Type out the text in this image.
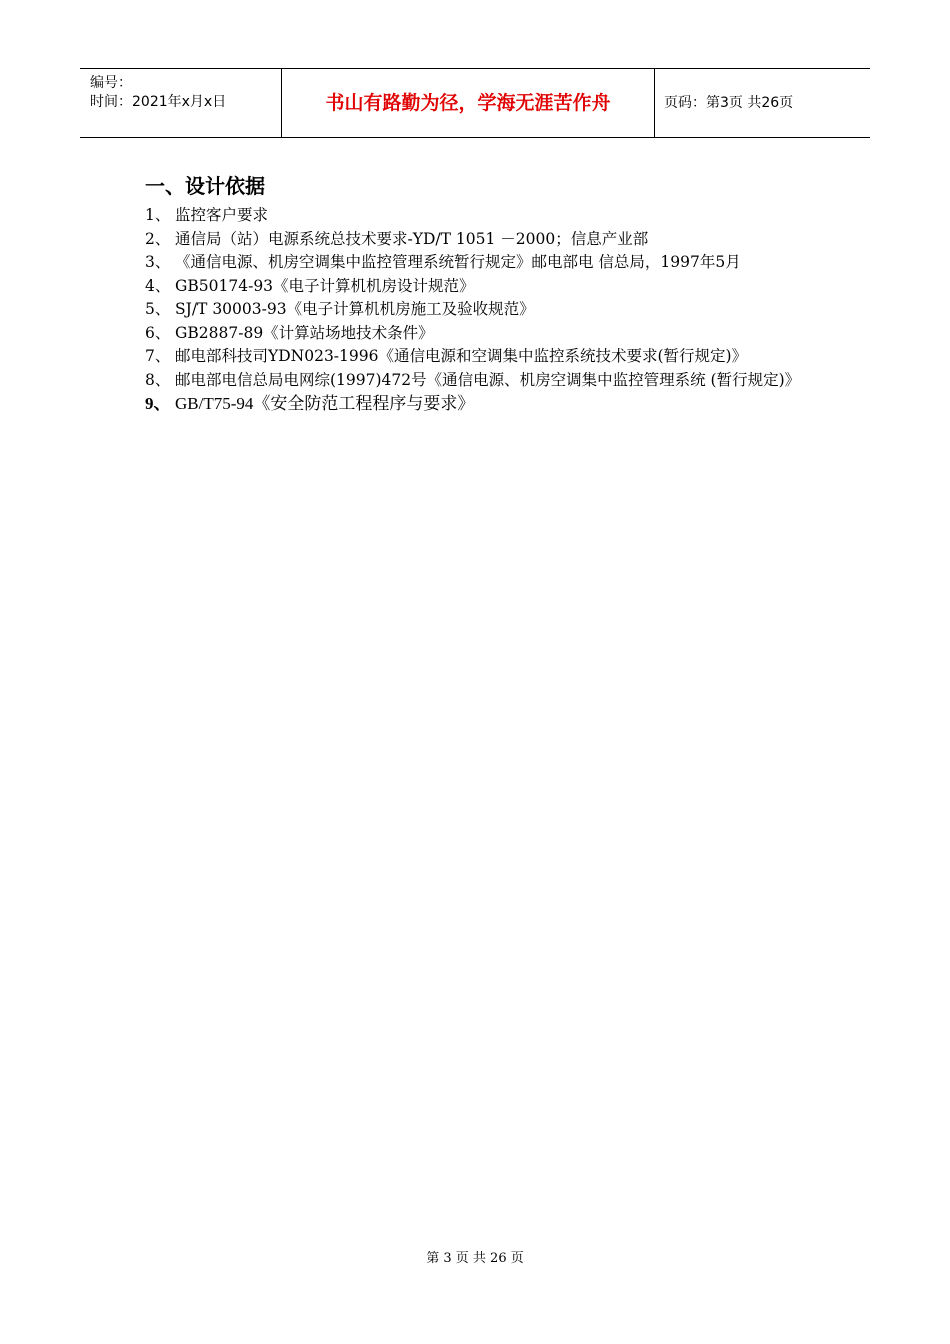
编号：
时间：2021年x月x日	书山有路勤为径，学海无涯苦作舟	页码：第3页 共26页
一、设计依据
1、 监控客户要求
2、 通信局（站）电源系统总技术要求-YD/T 1051 －2000；信息产业部
3、 《通信电源、机房空调集中监控管理系统暂行规定》邮电部电 信总局，1997年5月
4、 GB50174-93《电子计算机机房设计规范》
5、 SJ/T 30003-93《电子计算机机房施工及验收规范》
6、 GB2887-89《计算站场地技术条件》
7、 邮电部科技司YDN023-1996《通信电源和空调集中监控系统技术要求(暂行规定)》
8、 邮电部电信总局电网综(1997)472号《通信电源、机房空调集中监控管理系统 (暂行规定)》
9、 GB/T75-94《安全防范工程程序与要求》
第 3 页 共 26 页
